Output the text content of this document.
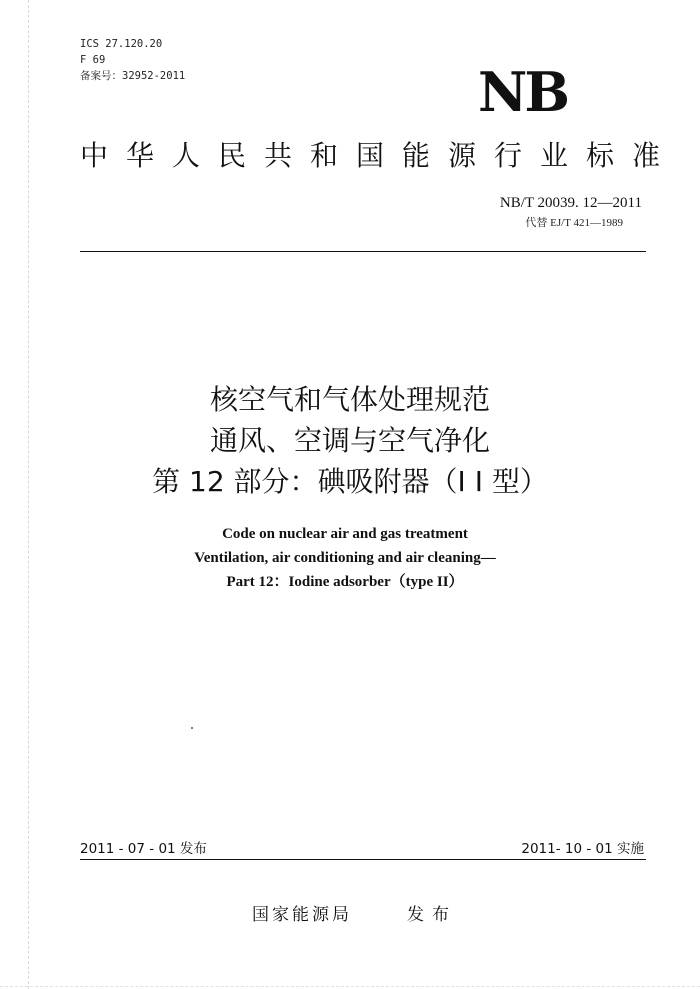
ICS 27.120.20
F 69
备案号：32952-2011	NB
中华人民共和国能源行业标准
NB/T 20039. 12—2011
代替 EJ/T 421—1989
核空气和气体处理规范
通风、空调与空气净化
第 12 部分：碘吸附器（I I 型）
Code on nuclear air and gas treatment
Ventilation, air conditioning and air cleaning—
Part 12：Iodine adsorber（type II）
2011 - 07 - 01 发布	2011- 10 - 01 实施
国家能源局	发布
